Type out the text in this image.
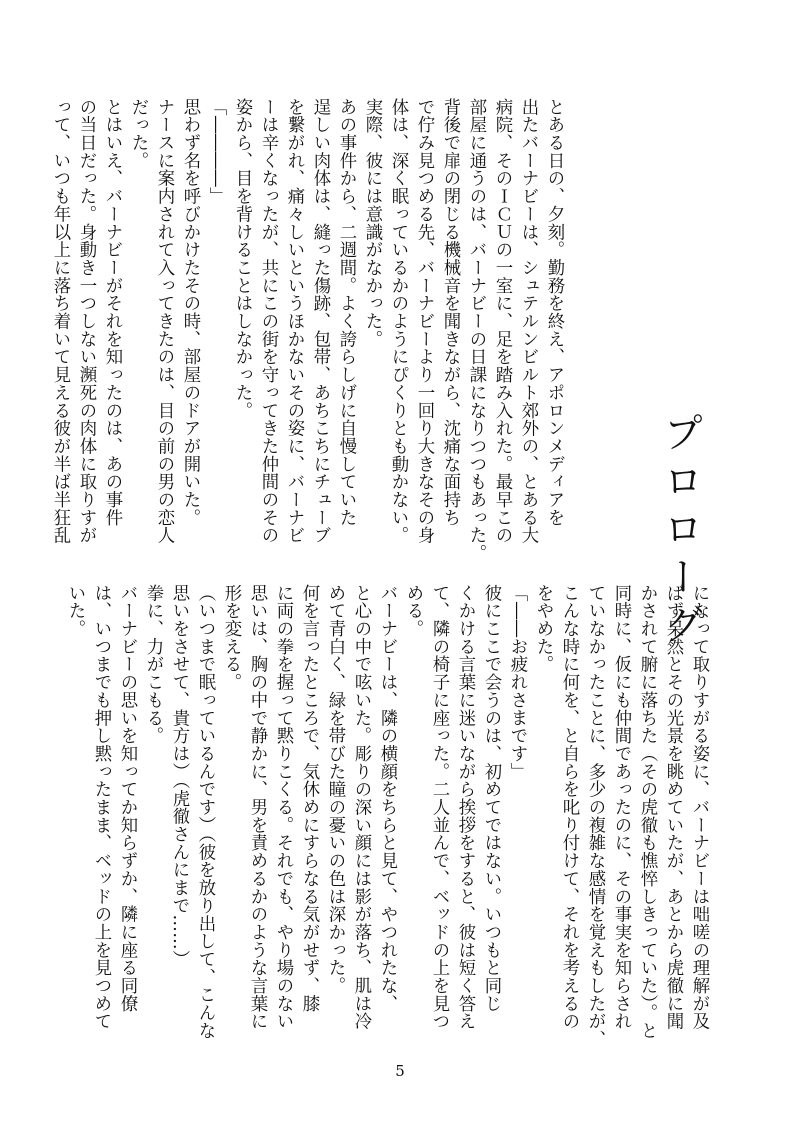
プロローグ

とある日の、夕刻。勤務を終え、アポロンメディアを

出たバーナビーは、シュテルンビルト郊外の、とある大

病院、そのＩＣＵの一室に、足を踏み入れた。最早この

部屋に通うのは、バーナビーの日課になりつつもあった。

背後で扉の閉じる機械音を聞きながら、沈痛な面持ち

で佇み見つめる先、バーナビーより一回り大きなその身

体は、深く眠っているかのようにぴくりとも動かない。

実際、彼には意識がなかった。

あの事件から、二週間。よく誇らしげに自慢していた

逞しい肉体は、縫った傷跡、包帯、あちこちにチューブ

を繋がれ、痛々しいというほかないその姿に、バーナビ

ーは辛くなったが、共にこの街を守ってきた仲間のその

姿から、目を背けることはしなかった。

「――――」

思わず名を呼びかけたその時、部屋のドアが開いた。

ナースに案内されて入ってきたのは、目の前の男の恋人

だった。

とはいえ、バーナビーがそれを知ったのは、あの事件

の当日だった。身動き一つしない瀕死の肉体に取りすが

って、いつも年以上に落ち着いて見える彼が半ば半狂乱

になって取りすがる姿に、バーナビーは咄嗟の理解が及

ばず呆然とその光景を眺めていたが、あとから虎徹に聞

かされて腑に落ちた（その虎徹も憔悴しきっていた）。と

同時に、仮にも仲間であったのに、その事実を知らされ

ていなかったことに、多少の複雑な感情を覚えもしたが、

こんな時に何を、と自らを叱り付けて、それを考えるの

をやめた。

「――お疲れさまです」

彼にここで会うのは、初めてではない。いつもと同じ

くかける言葉に迷いながら挨拶をすると、彼は短く答え

て、隣の椅子に座った。二人並んで、ベッドの上を見つ

める。

バーナビーは、隣の横顔をちらと見て、やつれたな、

と心の中で呟いた。彫りの深い顔には影が落ち、肌は冷

めて青白く、緑を帯びた瞳の憂いの色は深かった。

何を言ったところで、気休めにすらなる気がせず、膝

に両の拳を握って黙りこくる。それでも、やり場のない

思いは、胸の中で静かに、男を責めるかのような言葉に

形を変える。

（いつまで眠っているんです）（彼を放り出して、こんな

思いをさせて、貴方は）（虎徹さんにまで……）

拳に、力がこもる。

バーナビーの思いを知ってか知らずか、隣に座る同僚

は、いつまでも押し黙ったまま、ベッドの上を見つめて

いた。

5
